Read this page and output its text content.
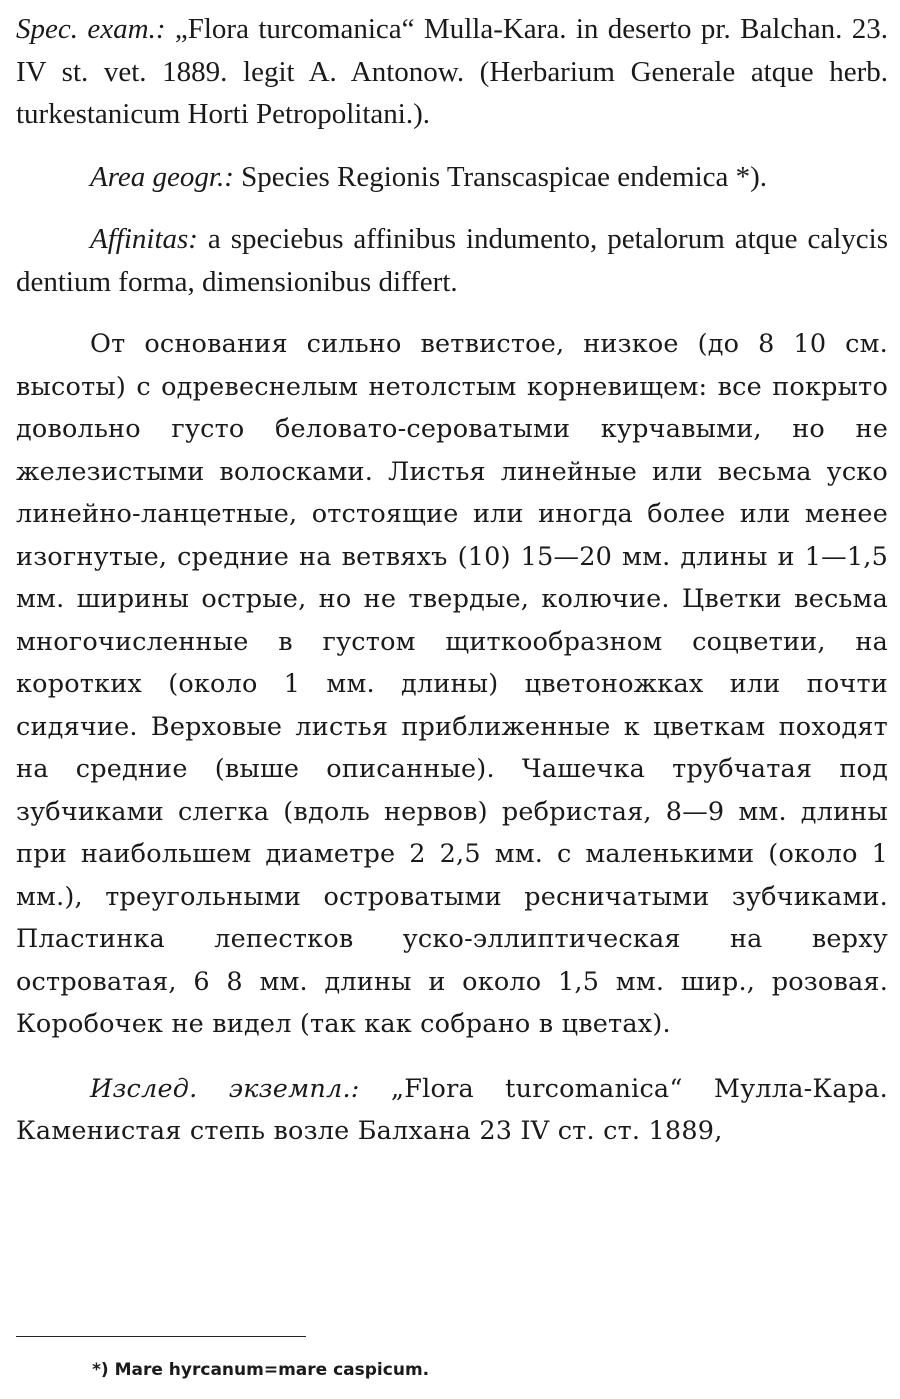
Spec. exam.: „Flora turcomanica“ Mulla-Kara. in deserto pr. Balchan. 23. IV st. vet. 1889. legit A. Antonow. (Herbarium Generale atque herb. turkestanicum Horti Petropolitani.).

Area geogr.: Species Regionis Transcaspicae endemica *).

Affinitas: a speciebus affinibus indumento, petalorum atque calycis dentium forma, dimensionibus differt.

От основания сильно ветвистое, низкое (до 8 10 см. высоты) с одревеснелым нетолстым корневищем: все покрыто довольно густо беловато-сероватыми курчавыми, но не железистыми волосками. Листья линейные или весьма уско линейно-ланцетные, отстоящие или иногда более или менее изогнутые, средние на ветвяхъ (10) 15—20 мм. длины и 1—1,5 мм. ширины острые, но не твердые, колючие. Цветки весьма многочисленные в густом щиткообразном соцветии, на коротких (около 1 мм. длины) цветоножках или почти сидячие. Верховые листья приближенные к цветкам походят на средние (выше описанные). Чашечка трубчатая под зубчиками слегка (вдоль нервов) ребристая, 8—9 мм. длины при наибольшем диаметре 2 2,5 мм. с маленькими (около 1 мм.), треугольными островатыми ресничатыми зубчиками. Пластинка лепестков уско-эллиптическая на верху островатая, 6 8 мм. длины и около 1,5 мм. шир., розовая. Коробочек не видел (так как собрано в цветах).

Изслед. экземпл.: „Flora turcomanica“ Мулла-Кара. Каменистая степь возле Балхана 23 IV ст. ст. 1889,

*) Mare hyrcanum=mare caspicum.
